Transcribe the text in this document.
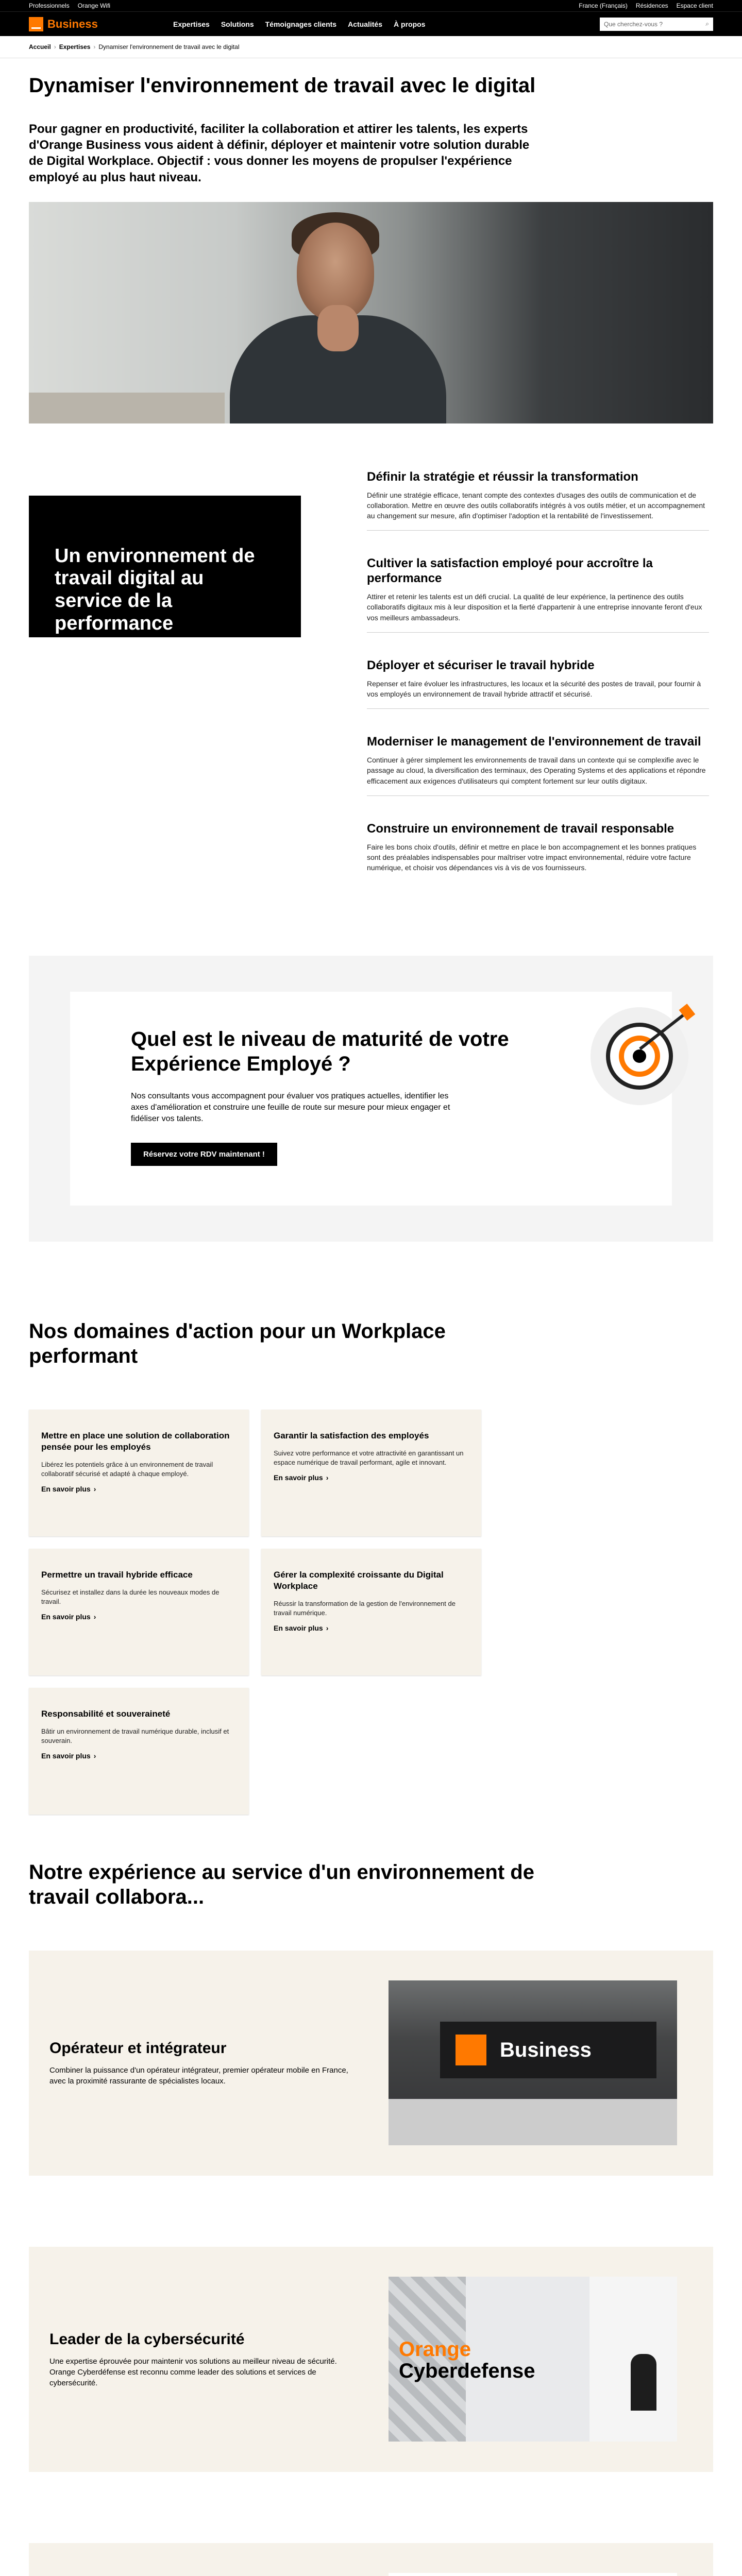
Professionnels Orange Wifi	France (Français) Résidences Espace client
Business	Expertises Solutions Témoignages clients Actualités À propos	Que cherchez-vous ?	⌕
Accueil › Expertises › Dynamiser l'environnement de travail avec le digital
Dynamiser l'environnement de travail avec le digital

Pour gagner en productivité, faciliter la collaboration et attirer les talents, les experts d'Orange Business vous aident à définir, déployer et maintenir votre solution durable de Digital Workplace. Objectif : vous donner les moyens de propulser l'expérience employé au plus haut niveau.

Un environnement de travail digital au service de la performance
Définir la stratégie et réussir la transformation

Définir une stratégie efficace, tenant compte des contextes d'usages des outils de communication et de collaboration. Mettre en œuvre des outils collaboratifs intégrés à vos outils métier, et un accompagnement au changement sur mesure, afin d'optimiser l'adoption et la rentabilité de l'investissement.

Cultiver la satisfaction employé pour accroître la performance

Attirer et retenir les talents est un défi crucial. La qualité de leur expérience, la pertinence des outils collaboratifs digitaux mis à leur disposition et la fierté d'appartenir à une entreprise innovante feront d'eux vos meilleurs ambassadeurs.

Déployer et sécuriser le travail hybride

Repenser et faire évoluer les infrastructures, les locaux et la sécurité des postes de travail, pour fournir à vos employés un environnement de travail hybride attractif et sécurisé.

Moderniser le management de l'environnement de travail

Continuer à gérer simplement les environnements de travail dans un contexte qui se complexifie avec le passage au cloud, la diversification des terminaux, des Operating Systems et des applications et répondre efficacement aux exigences d'utilisateurs qui comptent fortement sur leur outils digitaux.

Construire un environnement de travail responsable

Faire les bons choix d'outils, définir et mettre en place le bon accompagnement et les bonnes pratiques sont des préalables indispensables pour maîtriser votre impact environnemental, réduire votre facture numérique, et choisir vos dépendances vis à vis de vos fournisseurs.

Quel est le niveau de maturité de votre Expérience Employé ?

Nos consultants vous accompagnent pour évaluer vos pratiques actuelles, identifier les axes d'amélioration et construire une feuille de route sur mesure pour mieux engager et fidéliser vos talents.

Réservez votre RDV maintenant !
Nos domaines d'action pour un Workplace performant
Mettre en place une solution de collaboration pensée pour les employés

Libérez les potentiels grâce à un environnement de travail collaboratif sécurisé et adapté à chaque employé.

En savoir plus ›
Garantir la satisfaction des employés

Suivez votre performance et votre attractivité en garantissant un espace numérique de travail performant, agile et innovant.

En savoir plus ›
Permettre un travail hybride efficace

Sécurisez et installez dans la durée les nouveaux modes de travail.

En savoir plus ›
Gérer la complexité croissante du Digital Workplace

Réussir la transformation de la gestion de l'environnement de travail numérique.

En savoir plus ›
Responsabilité et souveraineté

Bâtir un environnement de travail numérique durable, inclusif et souverain.

En savoir plus ›
Notre expérience au service d'un environnement de travail collabora...
Opérateur et intégrateur

Combiner la puissance d'un opérateur intégrateur, premier opérateur mobile en France, avec la proximité rassurante de spécialistes locaux.

Business
Leader de la cybersécurité

Une expertise éprouvée pour maintenir vos solutions au meilleur niveau de sécurité. Orange Cyberdéfense est reconnu comme leader des solutions et services de cybersécurité.

Orange
Cyberdefense
